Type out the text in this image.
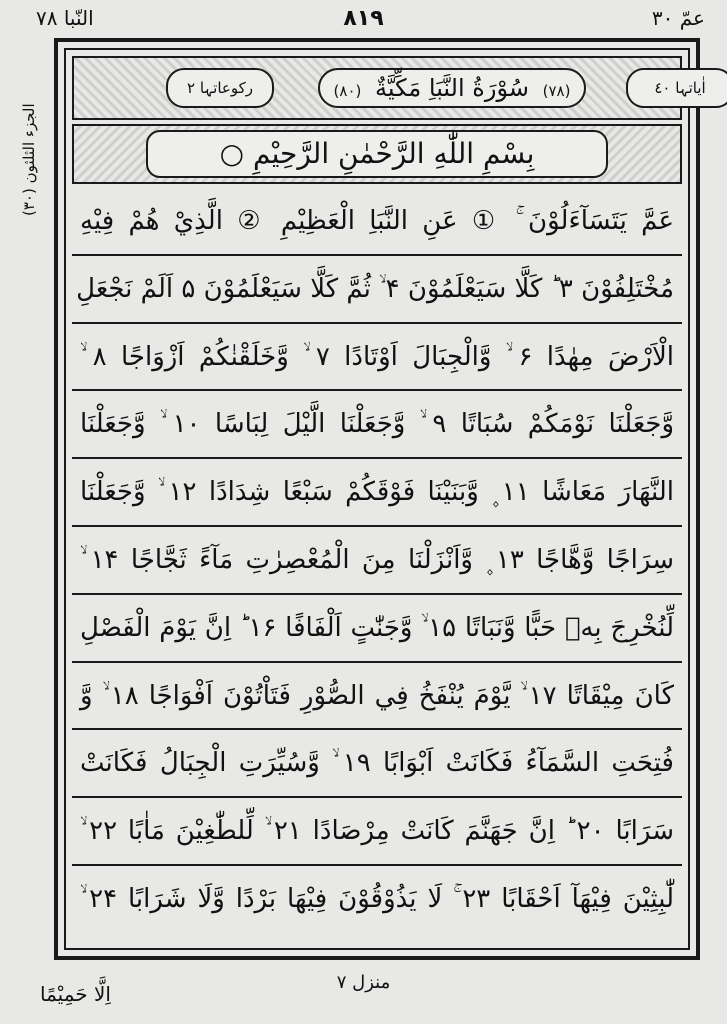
عمّ ٣٠
٨١٩
النّبا ٧٨
الجزء الثلثون (٣٠)
اٰیاتہا ٤٠
(٧٨) سُوْرَةُ النَّبَاِ مَكِّيَّةٌ (٨٠)
رکوعاتہا ٢
بِسْمِ اللّٰهِ الرَّحْمٰنِ الرَّحِيْمِ ○
عَمَّ يَتَسَآءَلُوْنَ ۚ ① عَنِ النَّبَاِ الْعَظِيْمِ ② الَّذِيْ هُمْ فِيْهِ
مُخْتَلِفُوْنَ ۳ ؕ كَلَّا سَيَعْلَمُوْنَ ۴ ۙ ثُمَّ كَلَّا سَيَعْلَمُوْنَ ۵ اَلَمْ نَجْعَلِ
الْاَرْضَ مِهٰدًا ۶ ۙ وَّالْجِبَالَ اَوْتَادًا ۷ ۙ وَّخَلَقْنٰكُمْ اَزْوَاجًا ۸ ۙ
وَّجَعَلْنَا نَوْمَكُمْ سُبَاتًا ۹ ۙ وَّجَعَلْنَا الَّيْلَ لِبَاسًا ۱۰ ۙ وَّجَعَلْنَا
النَّهَارَ مَعَاشًا ۱۱ ۪ وَّبَنَيْنَا فَوْقَكُمْ سَبْعًا شِدَادًا ۱۲ ۙ وَّجَعَلْنَا
سِرَاجًا وَّهَّاجًا ۱۳ ۪ وَّاَنْزَلْنَا مِنَ الْمُعْصِرٰتِ مَآءً ثَجَّاجًا ۱۴ ۙ
لِّنُخْرِجَ بِهٖ حَبًّا وَّنَبَاتًا ۱۵ ۙ وَّجَنّٰتٍ اَلْفَافًا ۱۶ ؕ اِنَّ يَوْمَ الْفَصْلِ
كَانَ مِيْقَاتًا ۱۷ ۙ يَّوْمَ يُنْفَخُ فِي الصُّوْرِ فَتَاْتُوْنَ اَفْوَاجًا ۱۸ ۙ وَّ
فُتِحَتِ السَّمَآءُ فَكَانَتْ اَبْوَابًا ۱۹ ۙ وَّسُيِّرَتِ الْجِبَالُ فَكَانَتْ
سَرَابًا ۲۰ ؕ اِنَّ جَهَنَّمَ كَانَتْ مِرْصَادًا ۲۱ ۙ لِّلطّٰغِيْنَ مَاٰبًا ۲۲ ۙ
لّٰبِثِيْنَ فِيْهَآ اَحْقَابًا ۲۳ ۚ لَا يَذُوْقُوْنَ فِيْهَا بَرْدًا وَّلَا شَرَابًا ۲۴ ۙ
منزل ٧
اِلَّا حَمِيْمًا
